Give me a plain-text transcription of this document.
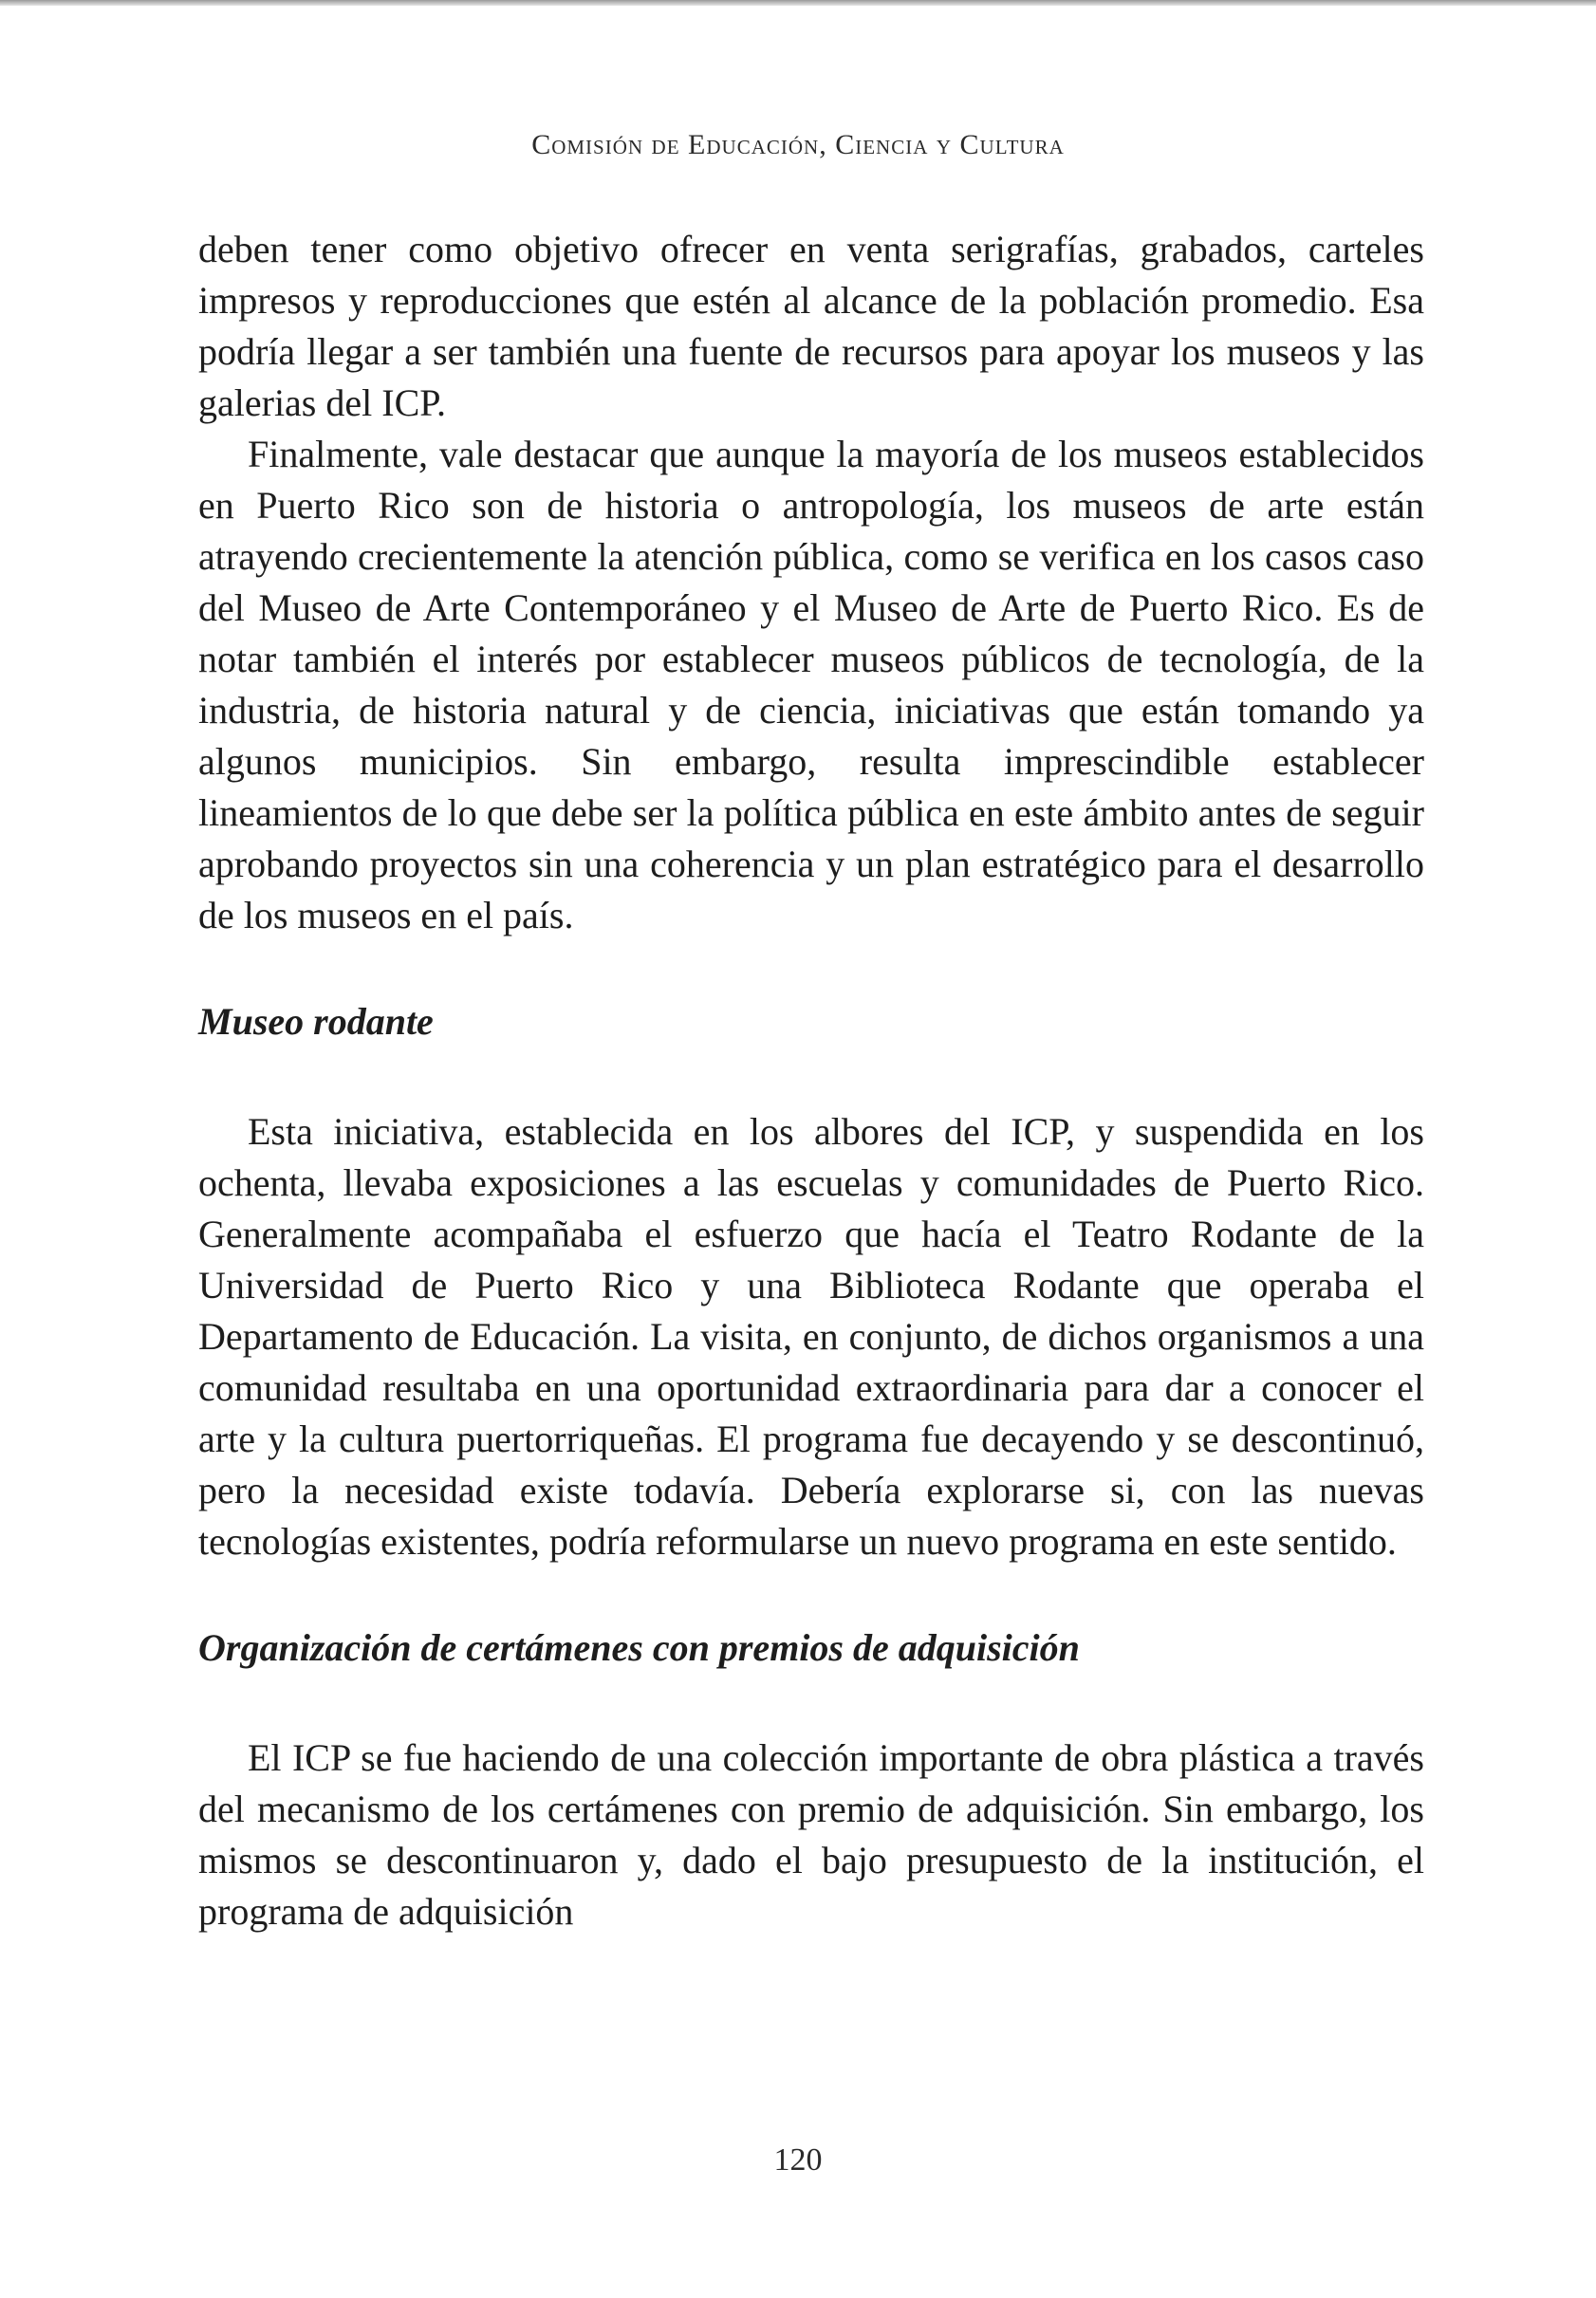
Comisión de Educación, Ciencia y Cultura

deben tener como objetivo ofrecer en venta serigrafías, grabados, carteles impresos y reproducciones que estén al alcance de la población promedio. Esa podría llegar a ser también una fuente de recursos para apoyar los museos y las galerias del ICP.

Finalmente, vale destacar que aunque la mayoría de los museos establecidos en Puerto Rico son de historia o antropología, los museos de arte están atrayendo crecientemente la atención pública, como se verifica en los casos caso del Museo de Arte Contemporáneo y el Museo de Arte de Puerto Rico. Es de notar también el interés por establecer museos públicos de tecnología, de la industria, de historia natural y de ciencia, iniciativas que están tomando ya algunos municipios. Sin embargo, resulta imprescindible establecer lineamientos de lo que debe ser la política pública en este ámbito antes de seguir aprobando proyectos sin una coherencia y un plan estratégico para el desarrollo de los museos en el país.

Museo rodante

Esta iniciativa, establecida en los albores del ICP, y suspendida en los ochenta, llevaba exposiciones a las escuelas y comunidades de Puerto Rico. Generalmente acompañaba el esfuerzo que hacía el Teatro Rodante de la Universidad de Puerto Rico y una Biblioteca Rodante que operaba el Departamento de Educación. La visita, en conjunto, de dichos organismos a una comunidad resultaba en una oportunidad extraordinaria para dar a conocer el arte y la cultura puertorriqueñas. El programa fue decayendo y se descontinuó, pero la necesidad existe todavía. Debería explorarse si, con las nuevas tecnologías existentes, podría reformularse un nuevo programa en este sentido.

Organización de certámenes con premios de adquisición

El ICP se fue haciendo de una colección importante de obra plástica a través del mecanismo de los certámenes con premio de adquisición. Sin embargo, los mismos se descontinuaron y, dado el bajo presupuesto de la institución, el programa de adquisición

120
